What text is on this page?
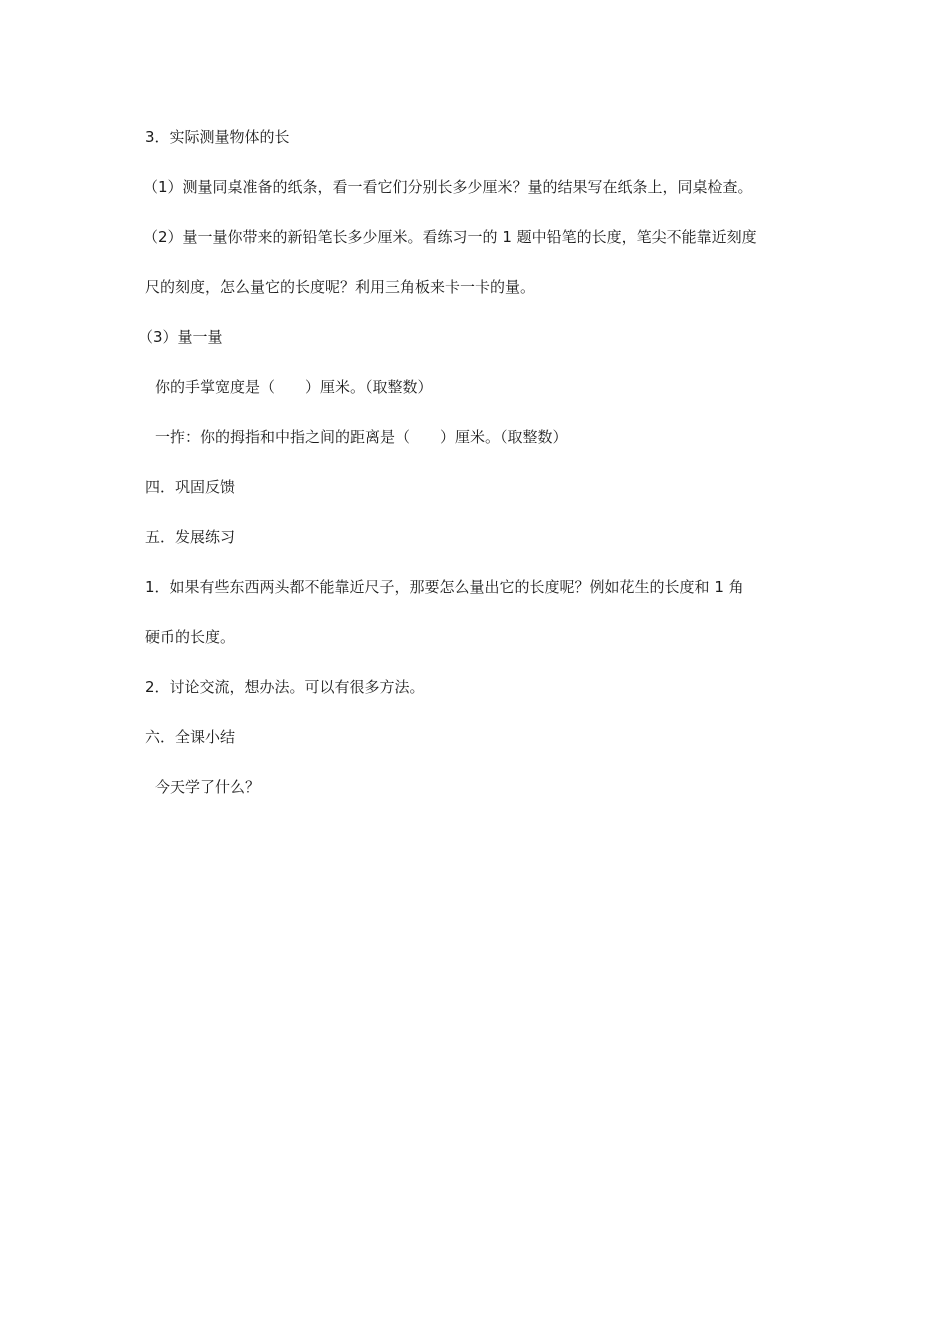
3．实际测量物体的长
（1）测量同桌准备的纸条，看一看它们分别长多少厘米？量的结果写在纸条上，同桌检查。
（2）量一量你带来的新铅笔长多少厘米。看练习一的 1 题中铅笔的长度，笔尖不能靠近刻度
尺的刻度，怎么量它的长度呢？利用三角板来卡一卡的量。
（3）量一量
你的手掌宽度是（　　）厘米。（取整数）
一拃：你的拇指和中指之间的距离是（　　）厘米。（取整数）
四．巩固反馈
五．发展练习
1．如果有些东西两头都不能靠近尺子，那要怎么量出它的长度呢？例如花生的长度和 1 角
硬币的长度。
2．讨论交流，想办法。可以有很多方法。
六．全课小结
今天学了什么？
